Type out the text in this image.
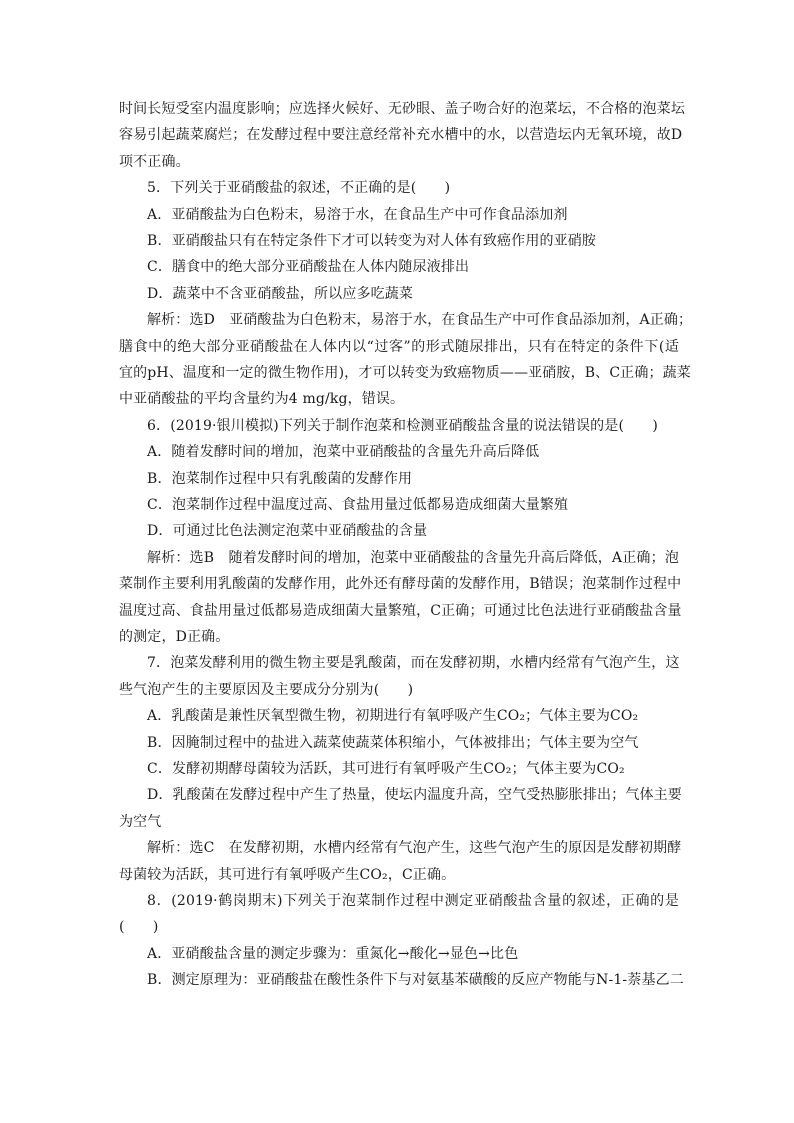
时间长短受室内温度影响；应选择火候好、无砂眼、盖子吻合好的泡菜坛，不合格的泡菜坛
容易引起蔬菜腐烂；在发酵过程中要注意经常补充水槽中的水，以营造坛内无氧环境，故D
项不正确。
5．下列关于亚硝酸盐的叙述，不正确的是(　　)
A．亚硝酸盐为白色粉末，易溶于水，在食品生产中可作食品添加剂
B．亚硝酸盐只有在特定条件下才可以转变为对人体有致癌作用的亚硝胺
C．膳食中的绝大部分亚硝酸盐在人体内随尿液排出
D．蔬菜中不含亚硝酸盐，所以应多吃蔬菜
解析：选D　亚硝酸盐为白色粉末，易溶于水，在食品生产中可作食品添加剂，A正确；
膳食中的绝大部分亚硝酸盐在人体内以“过客”的形式随尿排出，只有在特定的条件下(适
宜的pH、温度和一定的微生物作用)，才可以转变为致癌物质——亚硝胺，B、C正确；蔬菜
中亚硝酸盐的平均含量约为4 mg/kg，错误。
6．(2019·银川模拟)下列关于制作泡菜和检测亚硝酸盐含量的说法错误的是(　　)
A．随着发酵时间的增加，泡菜中亚硝酸盐的含量先升高后降低
B．泡菜制作过程中只有乳酸菌的发酵作用
C．泡菜制作过程中温度过高、食盐用量过低都易造成细菌大量繁殖
D．可通过比色法测定泡菜中亚硝酸盐的含量
解析：选B　随着发酵时间的增加，泡菜中亚硝酸盐的含量先升高后降低，A正确；泡
菜制作主要利用乳酸菌的发酵作用，此外还有酵母菌的发酵作用，B错误；泡菜制作过程中
温度过高、食盐用量过低都易造成细菌大量繁殖，C正确；可通过比色法进行亚硝酸盐含量
的测定，D正确。
7．泡菜发酵利用的微生物主要是乳酸菌，而在发酵初期，水槽内经常有气泡产生，这
些气泡产生的主要原因及主要成分分别为(　　)
A．乳酸菌是兼性厌氧型微生物，初期进行有氧呼吸产生CO₂；气体主要为CO₂
B．因腌制过程中的盐进入蔬菜使蔬菜体积缩小，气体被排出；气体主要为空气
C．发酵初期酵母菌较为活跃，其可进行有氧呼吸产生CO₂；气体主要为CO₂
D．乳酸菌在发酵过程中产生了热量，使坛内温度升高，空气受热膨胀排出；气体主要
为空气
解析：选C　在发酵初期，水槽内经常有气泡产生，这些气泡产生的原因是发酵初期酵
母菌较为活跃，其可进行有氧呼吸产生CO₂，C正确。
8．(2019·鹤岗期末)下列关于泡菜制作过程中测定亚硝酸盐含量的叙述，正确的是
(　　)
A．亚硝酸盐含量的测定步骤为：重氮化→酸化→显色→比色
B．测定原理为：亚硝酸盐在酸性条件下与对氨基苯磺酸的反应产物能与N-1-萘基乙二
